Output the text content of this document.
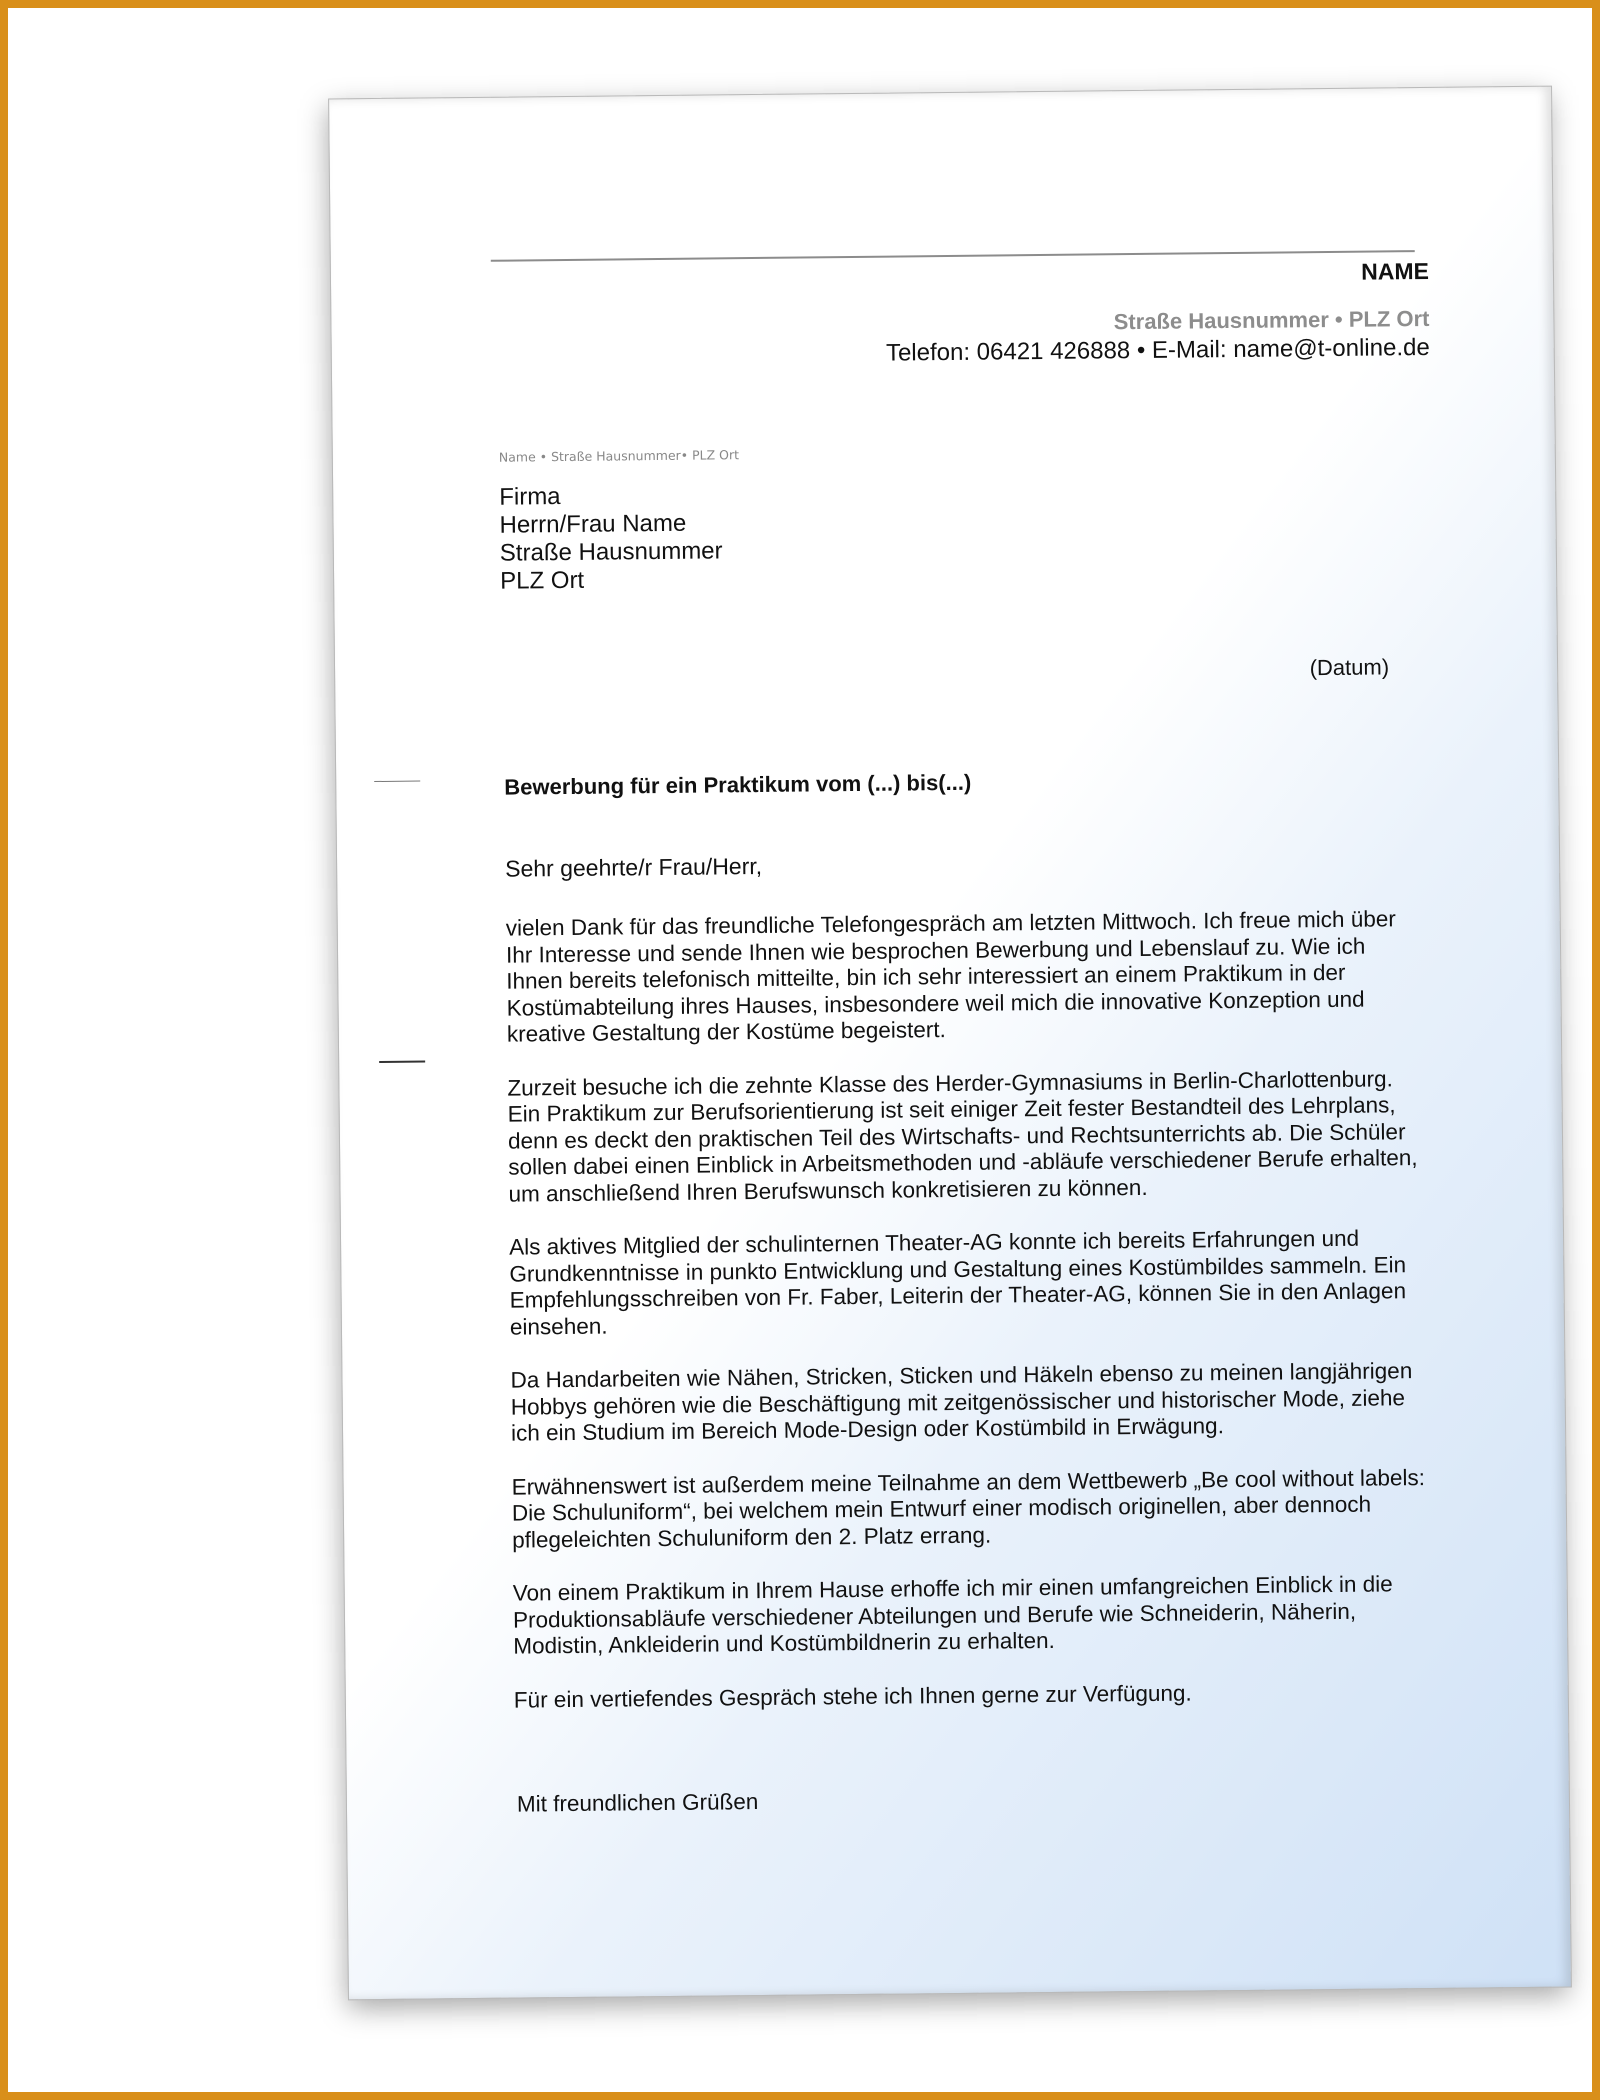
NAME
Straße Hausnummer • PLZ Ort
Telefon: 06421 426888 • E-Mail: name@t-online.de
Name • Straße Hausnummer• PLZ Ort
Firma
Herrn/Frau Name
Straße Hausnummer
PLZ Ort
(Datum)
Bewerbung für ein Praktikum vom (...) bis(...)
Sehr geehrte/r Frau/Herr,

vielen Dank für das freundliche Telefongespräch am letzten Mittwoch. Ich freue mich über Ihr Interesse und sende Ihnen wie besprochen Bewerbung und Lebenslauf zu. Wie ich Ihnen bereits telefonisch mitteilte, bin ich sehr interessiert an einem Praktikum in der Kostümabteilung ihres Hauses, insbesondere weil mich die innovative Konzeption und kreative Gestaltung der Kostüme begeistert.

Zurzeit besuche ich die zehnte Klasse des Herder-Gymnasiums in Berlin-Charlottenburg. Ein Praktikum zur Berufsorientierung ist seit einiger Zeit fester Bestandteil des Lehrplans, denn es deckt den praktischen Teil des Wirtschafts- und Rechtsunterrichts ab. Die Schüler sollen dabei einen Einblick in Arbeitsmethoden und -abläufe verschiedener Berufe erhalten, um anschließend Ihren Berufswunsch konkretisieren zu können.

Als aktives Mitglied der schulinternen Theater-AG konnte ich bereits Erfahrungen und Grundkenntnisse in punkto Entwicklung und Gestaltung eines Kostümbildes sammeln. Ein Empfehlungsschreiben von Fr. Faber, Leiterin der Theater-AG, können Sie in den Anlagen einsehen.

Da Handarbeiten wie Nähen, Stricken, Sticken und Häkeln ebenso zu meinen langjährigen Hobbys gehören wie die Beschäftigung mit zeitgenössischer und historischer Mode, ziehe ich ein Studium im Bereich Mode-Design oder Kostümbild in Erwägung.

Erwähnenswert ist außerdem meine Teilnahme an dem Wettbewerb „Be cool without labels: Die Schuluniform“, bei welchem mein Entwurf einer modisch originellen, aber dennoch pflegeleichten Schuluniform den 2. Platz errang.

Von einem Praktikum in Ihrem Hause erhoffe ich mir einen umfangreichen Einblick in die Produktionsabläufe verschiedener Abteilungen und Berufe wie Schneiderin, Näherin, Modistin, Ankleiderin und Kostümbildnerin zu erhalten.

Für ein vertiefendes Gespräch stehe ich Ihnen gerne zur Verfügung.

Mit freundlichen Grüßen
